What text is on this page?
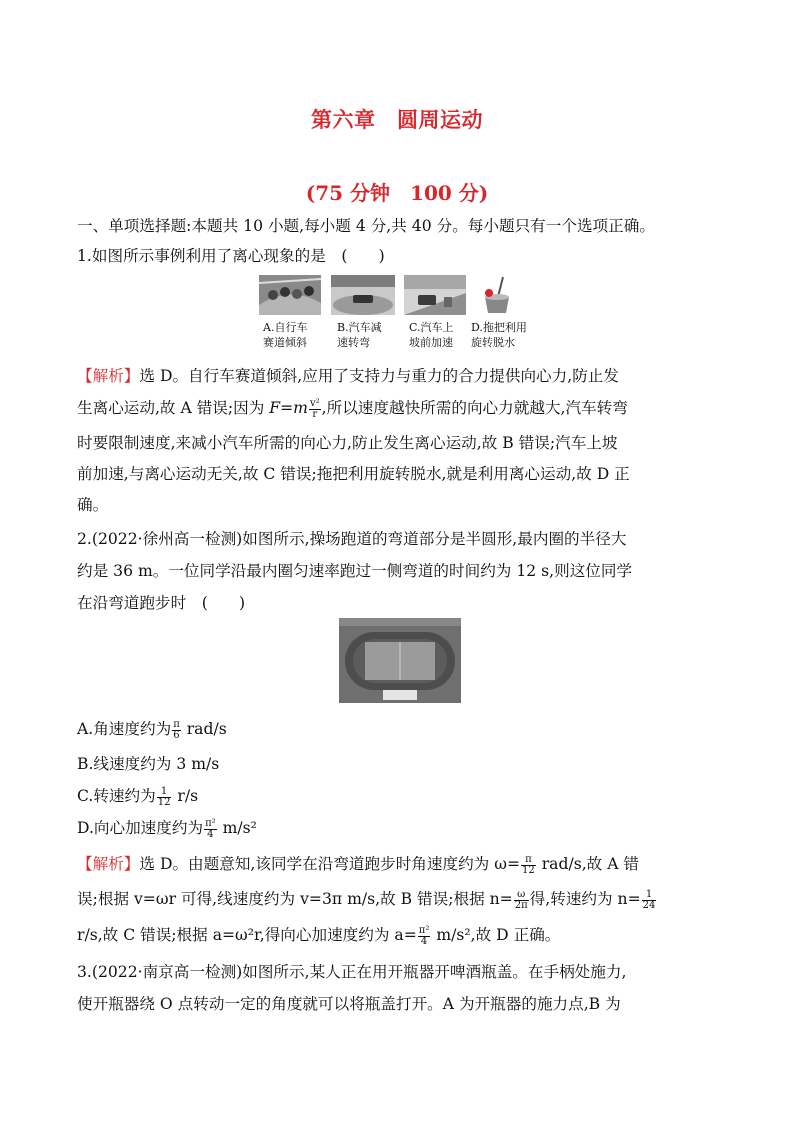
第六章　圆周运动
(75 分钟　100 分)
一、单项选择题:本题共 10 小题,每小题 4 分,共 40 分。每小题只有一个选项正确。
1.如图所示事例利用了离心现象的是　(　　)
A.自行车
赛道倾斜
B.汽车减
速转弯
C.汽车上
坡前加速
D.拖把利用
旋转脱水
【解析】选 D。自行车赛道倾斜,应用了支持力与重力的合力提供向心力,防止发
生离心运动,故 A 错误;因为 $F=m \frac{\text{v²}}{r}$ ,所以速度越快所需的向心力就越大,汽车转弯
时要限制速度,来减小汽车所需的向心力,防止发生离心运动,故 B 错误;汽车上坡
前加速,与离心运动无关,故 C 错误;拖把利用旋转脱水,就是利用离心运动,故 D 正
确。
2.(2022·徐州高一检测)如图所示,操场跑道的弯道部分是半圆形,最内圈的半径大
约是 36 m。一位同学沿最内圈匀速率跑过一侧弯道的时间约为 12 s,则这位同学
在沿弯道跑步时　(　　)
A.角速度约为 $\frac{\pi}{6} rad/s$
B.线速度约为 3 m/s
C.转速约为 $\frac{1}{12} r/s$
D.向心加速度约为 $\frac{\text{π²}}{4} m/s^2$
【解析】选 D。由题意知,该同学在沿弯道跑步时角速度约为 $\omega= \frac{\pi}{12} rad/s$,故 A 错
误;根据 v=ωr 可得,线速度约为 v=3π m/s,故 B 错误;根据 $n= \frac{\omega}{2\pi}$ 得,转速约为 $n= \frac{1}{24}$
r/s,故 C 错误;根据 a=ω²r,得向心加速度约为 $a= \frac{\text{π²}}{4} m/s^2$,故 D 正确。
3.(2022·南京高一检测)如图所示,某人正在用开瓶器开啤酒瓶盖。在手柄处施力,
使开瓶器绕 O 点转动一定的角度就可以将瓶盖打开。A 为开瓶器的施力点,B 为
